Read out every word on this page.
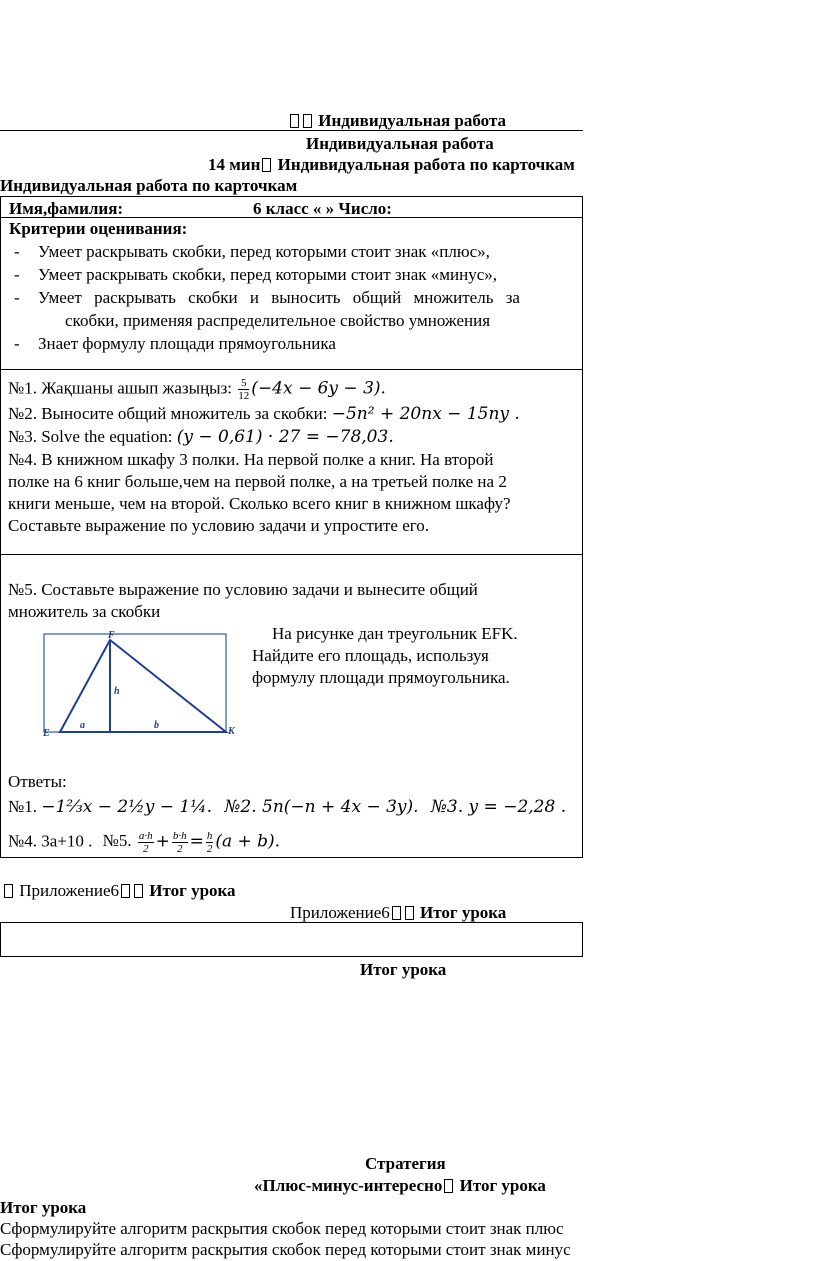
Индивидуальная работа
Индивидуальная работа
14 мин Индивидуальная работа по карточкам
Индивидуальная работа по карточкам
Имя,фамилия:	6 класс « » Число:
Критерии оценивания:
- Умеет раскрывать скобки, перед которыми стоит знак «плюс»,
- Умеет раскрывать скобки, перед которыми стоит знак «минус»,
- Умеет раскрывать скобки и выносить общий множитель за
скобки, применяя распределительное свойство умножения
- Знает формулу площади прямоугольника
№1. Жақшаны ашып жазыңыз: $\frac{5}{12} (-4x - 6y - 3)$.
№2. Выносите общий множитель за скобки: −5n² + 20nx − 15ny .
№3. Solve the equation: (y − 0,61) · 27 = −78,03.
№4. В книжном шкафу 3 полки. На первой полке а книг. На второй
полке на 6 книг больше,чем на первой полке, а на третьей полке на 2
книги меньше, чем на второй. Сколько всего книг в книжном шкафу?
Составьте выражение по условию задачи и упростите его.
№5. Составьте выражение по условию задачи и вынесите общий
множитель за скобки
F
E	K
h
a	b
На рисунке дан треугольник EFK.
Найдите его площадь, используя
формулу площади прямоугольника.
Ответы:
№1. −1⅔x − 2½y − 1¼. №2. 5n(−n + 4x − 3y). №3. y = −2,28 .
№4. 3a+10 . №5. $\frac{a\cdot h}{2} + \frac{b\cdot h}{2} = \frac{h}{2} (a + b)$.
Приложение6 Итог урока
Приложение6 Итог урока
Итог урока
Стратегия
«Плюс-минус-интересно Итог урока
Итог урока
Сформулируйте алгоритм раскрытия скобок перед которыми стоит знак плюс
Сформулируйте алгоритм раскрытия скобок перед которыми стоит знак минус
